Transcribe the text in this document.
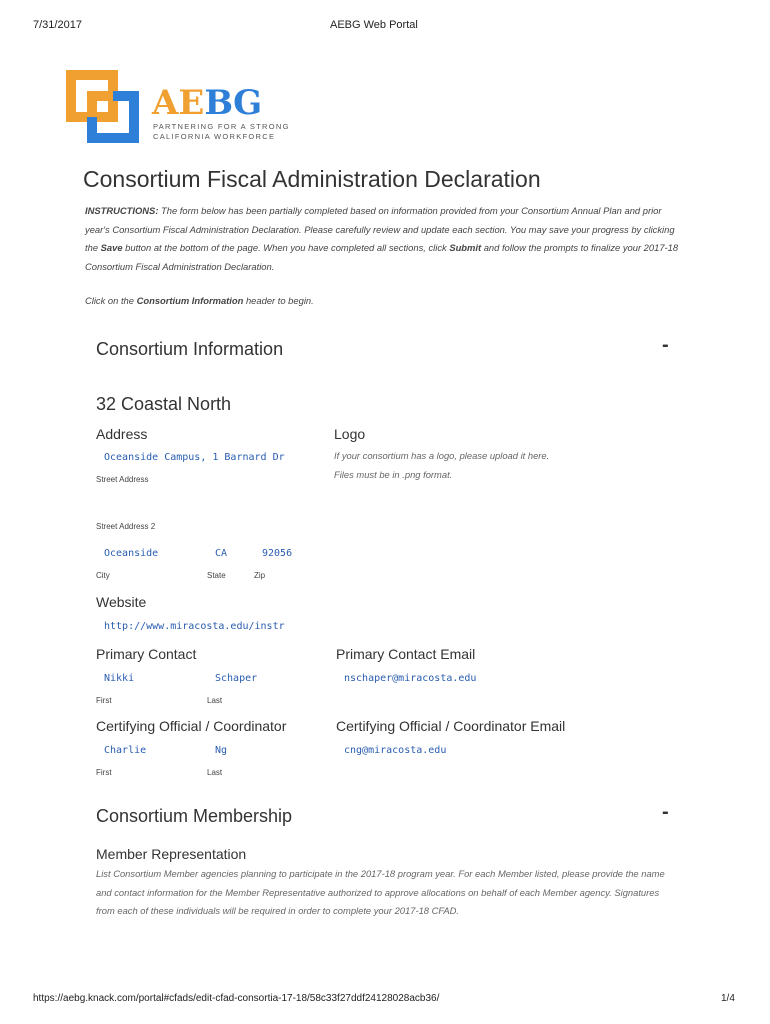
7/31/2017	AEBG Web Portal
AEBG
PARTNERING FOR A STRONG
CALIFORNIA WORKFORCE
Consortium Fiscal Administration Declaration
INSTRUCTIONS: The form below has been partially completed based on information provided from your Consortium Annual Plan and prior year's Consortium Fiscal Administration Declaration. Please carefully review and update each section. You may save your progress by clicking the Save button at the bottom of the page. When you have completed all sections, click Submit and follow the prompts to finalize your 2017-18 Consortium Fiscal Administration Declaration.
Click on the Consortium Information header to begin.
Consortium Information	-
32 Coastal North
Address
Oceanside Campus, 1 Barnard Dr
Street Address
Street Address 2
Oceanside	CA	92056
City	State	Zip
Logo
If your consortium has a logo, please upload it here.
Files must be in .png format.
Website
http://www.miracosta.edu/instr
Primary Contact
Nikki	Schaper
First	Last
Primary Contact Email
nschaper@miracosta.edu
Certifying Official / Coordinator
Charlie	Ng
First	Last
Certifying Official / Coordinator Email
cng@miracosta.edu
Consortium Membership	-
Member Representation
List Consortium Member agencies planning to participate in the 2017-18 program year. For each Member listed, please provide the name and contact information for the Member Representative authorized to approve allocations on behalf of each Member agency. Signatures from each of these individuals will be required in order to complete your 2017-18 CFAD.
https://aebg.knack.com/portal#cfads/edit-cfad-consortia-17-18/58c33f27ddf24128028acb36/	1/4
